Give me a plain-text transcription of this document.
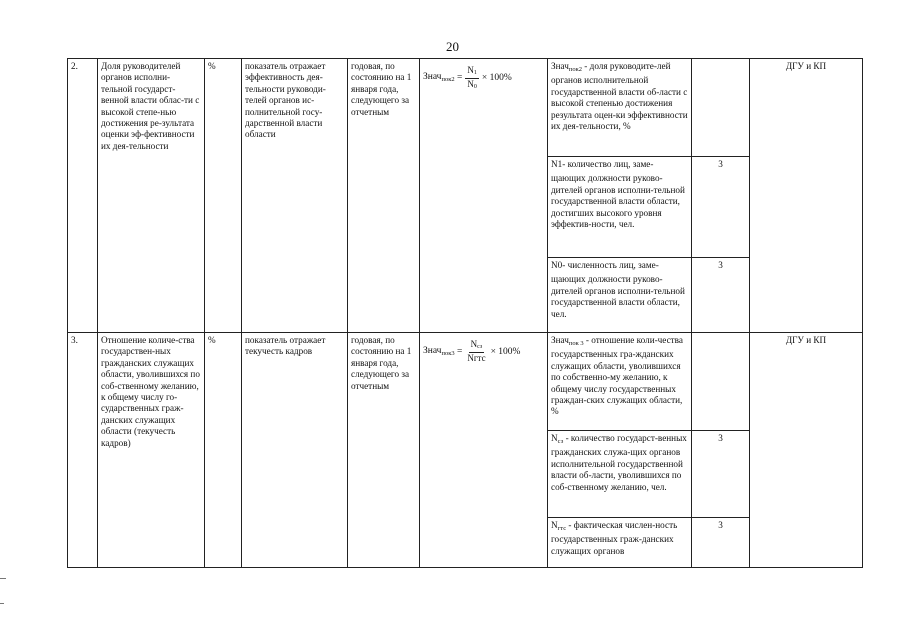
20
2.	Доля руководителей органов исполни-тельной государст-венной власти облас-ти с высокой степе-нью достижения ре-зультата оценки эф-фективности их дея-тельности	%	показатель отражает эффективность дея-тельности руководи-телей органов ис-полнительной госу-дарственной власти области	годовая, по состоянию на 1 января года, следующего за отчетным	Знач$_{пок2}$ = $\frac{N_1}{N_0} \times 100\%$	Знач$_{пок2}$ - доля руководите-лей органов исполнительной государственной власти об-ласти с высокой степенью достижения результата оцен-ки эффективности их дея-тельности, %		ДГУ и КП
						N1- количество лиц, заме-щающих должности руково-дителей органов исполни-тельной государственной власти области, достигших высокого уровня эффектив-ности, чел.	3	
						N0- численность лиц, заме-щающих должности руково-дителей органов исполни-тельной государственной власти области, чел.	3	
3.	Отношение количе-ства государствен-ных гражданских служащих области, уволившихся по соб-ственному желанию, к общему числу го-сударственных граж-данских служащих области (текучесть кадров)	%	показатель отражает текучесть кадров	годовая, по состоянию на 1 января года, следующего за отчетным	Знач$_{пок3}$ = $\frac{N_{сз}}{\text{Nгтс}} \times 100\%$	Знач$_{пок 3}$ - отношение коли-чества государственных гра-жданских служащих области, уволившихся по собственно-му желанию, к общему числу государственных граждан-ских служащих области, %		ДГУ и КП
						$N_{сз}$ - количество государст-венных гражданских служа-щих органов исполнительной государственной власти об-ласти, уволившихся по соб-ственному желанию, чел.	3	
						$N_{гтс}$ - фактическая числен-ность государственных граж-данских служащих органов	3	
